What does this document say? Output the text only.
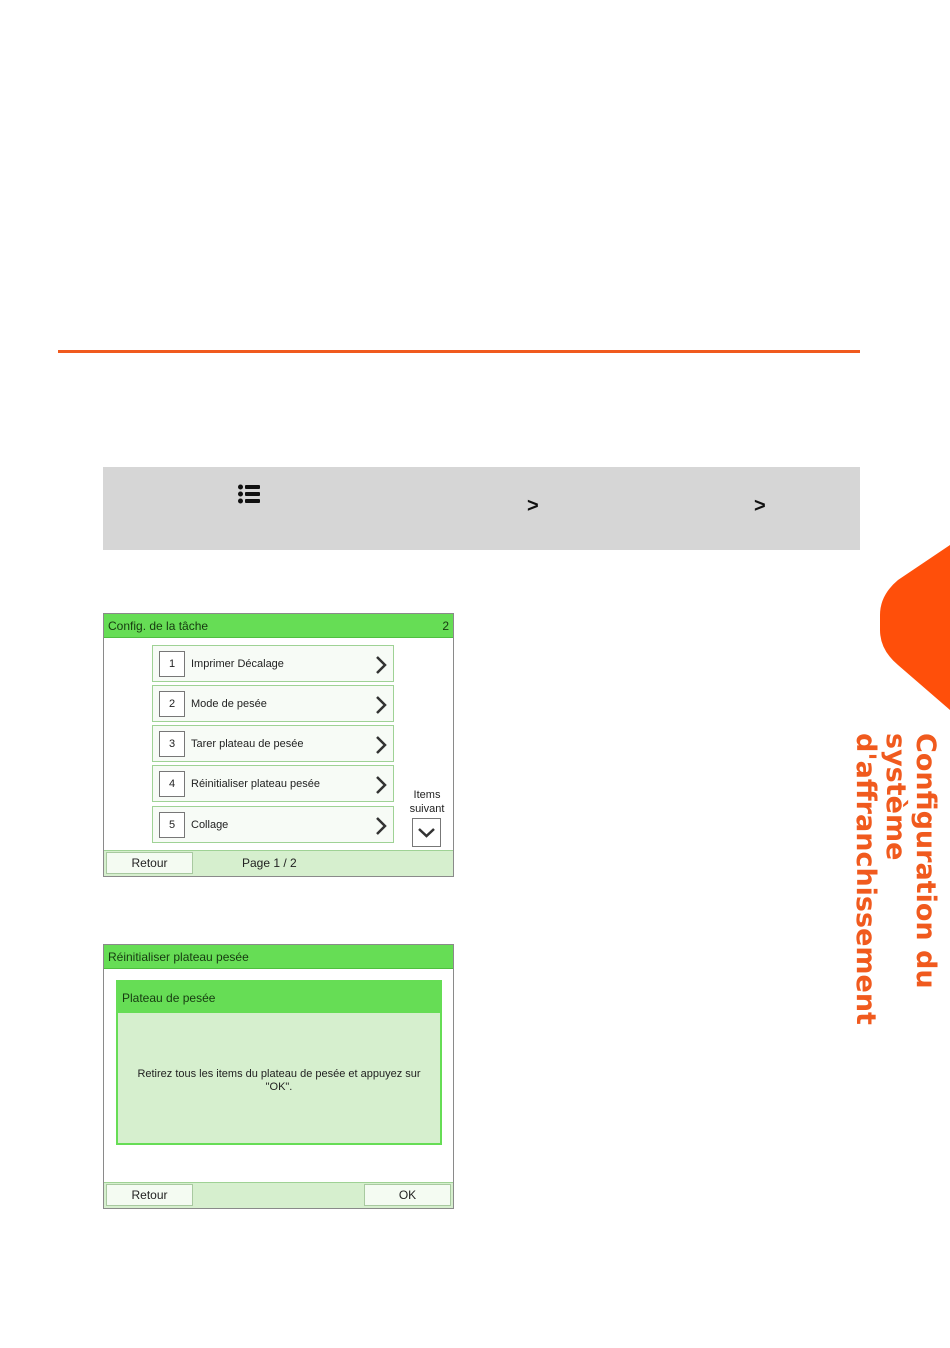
>	>
Config. de la tâche	2
1	Imprimer Décalage
2	Mode de pesée
3	Tarer plateau de pesée
4	Réinitialiser plateau pesée
5	Collage
Items
suivant
Retour	Page 1 / 2
Réinitialiser plateau pesée
Plateau de pesée
Retirez tous les items du plateau de pesée et appuyez sur "OK".
Retour	OK
Configuration du système d'affranchissement
